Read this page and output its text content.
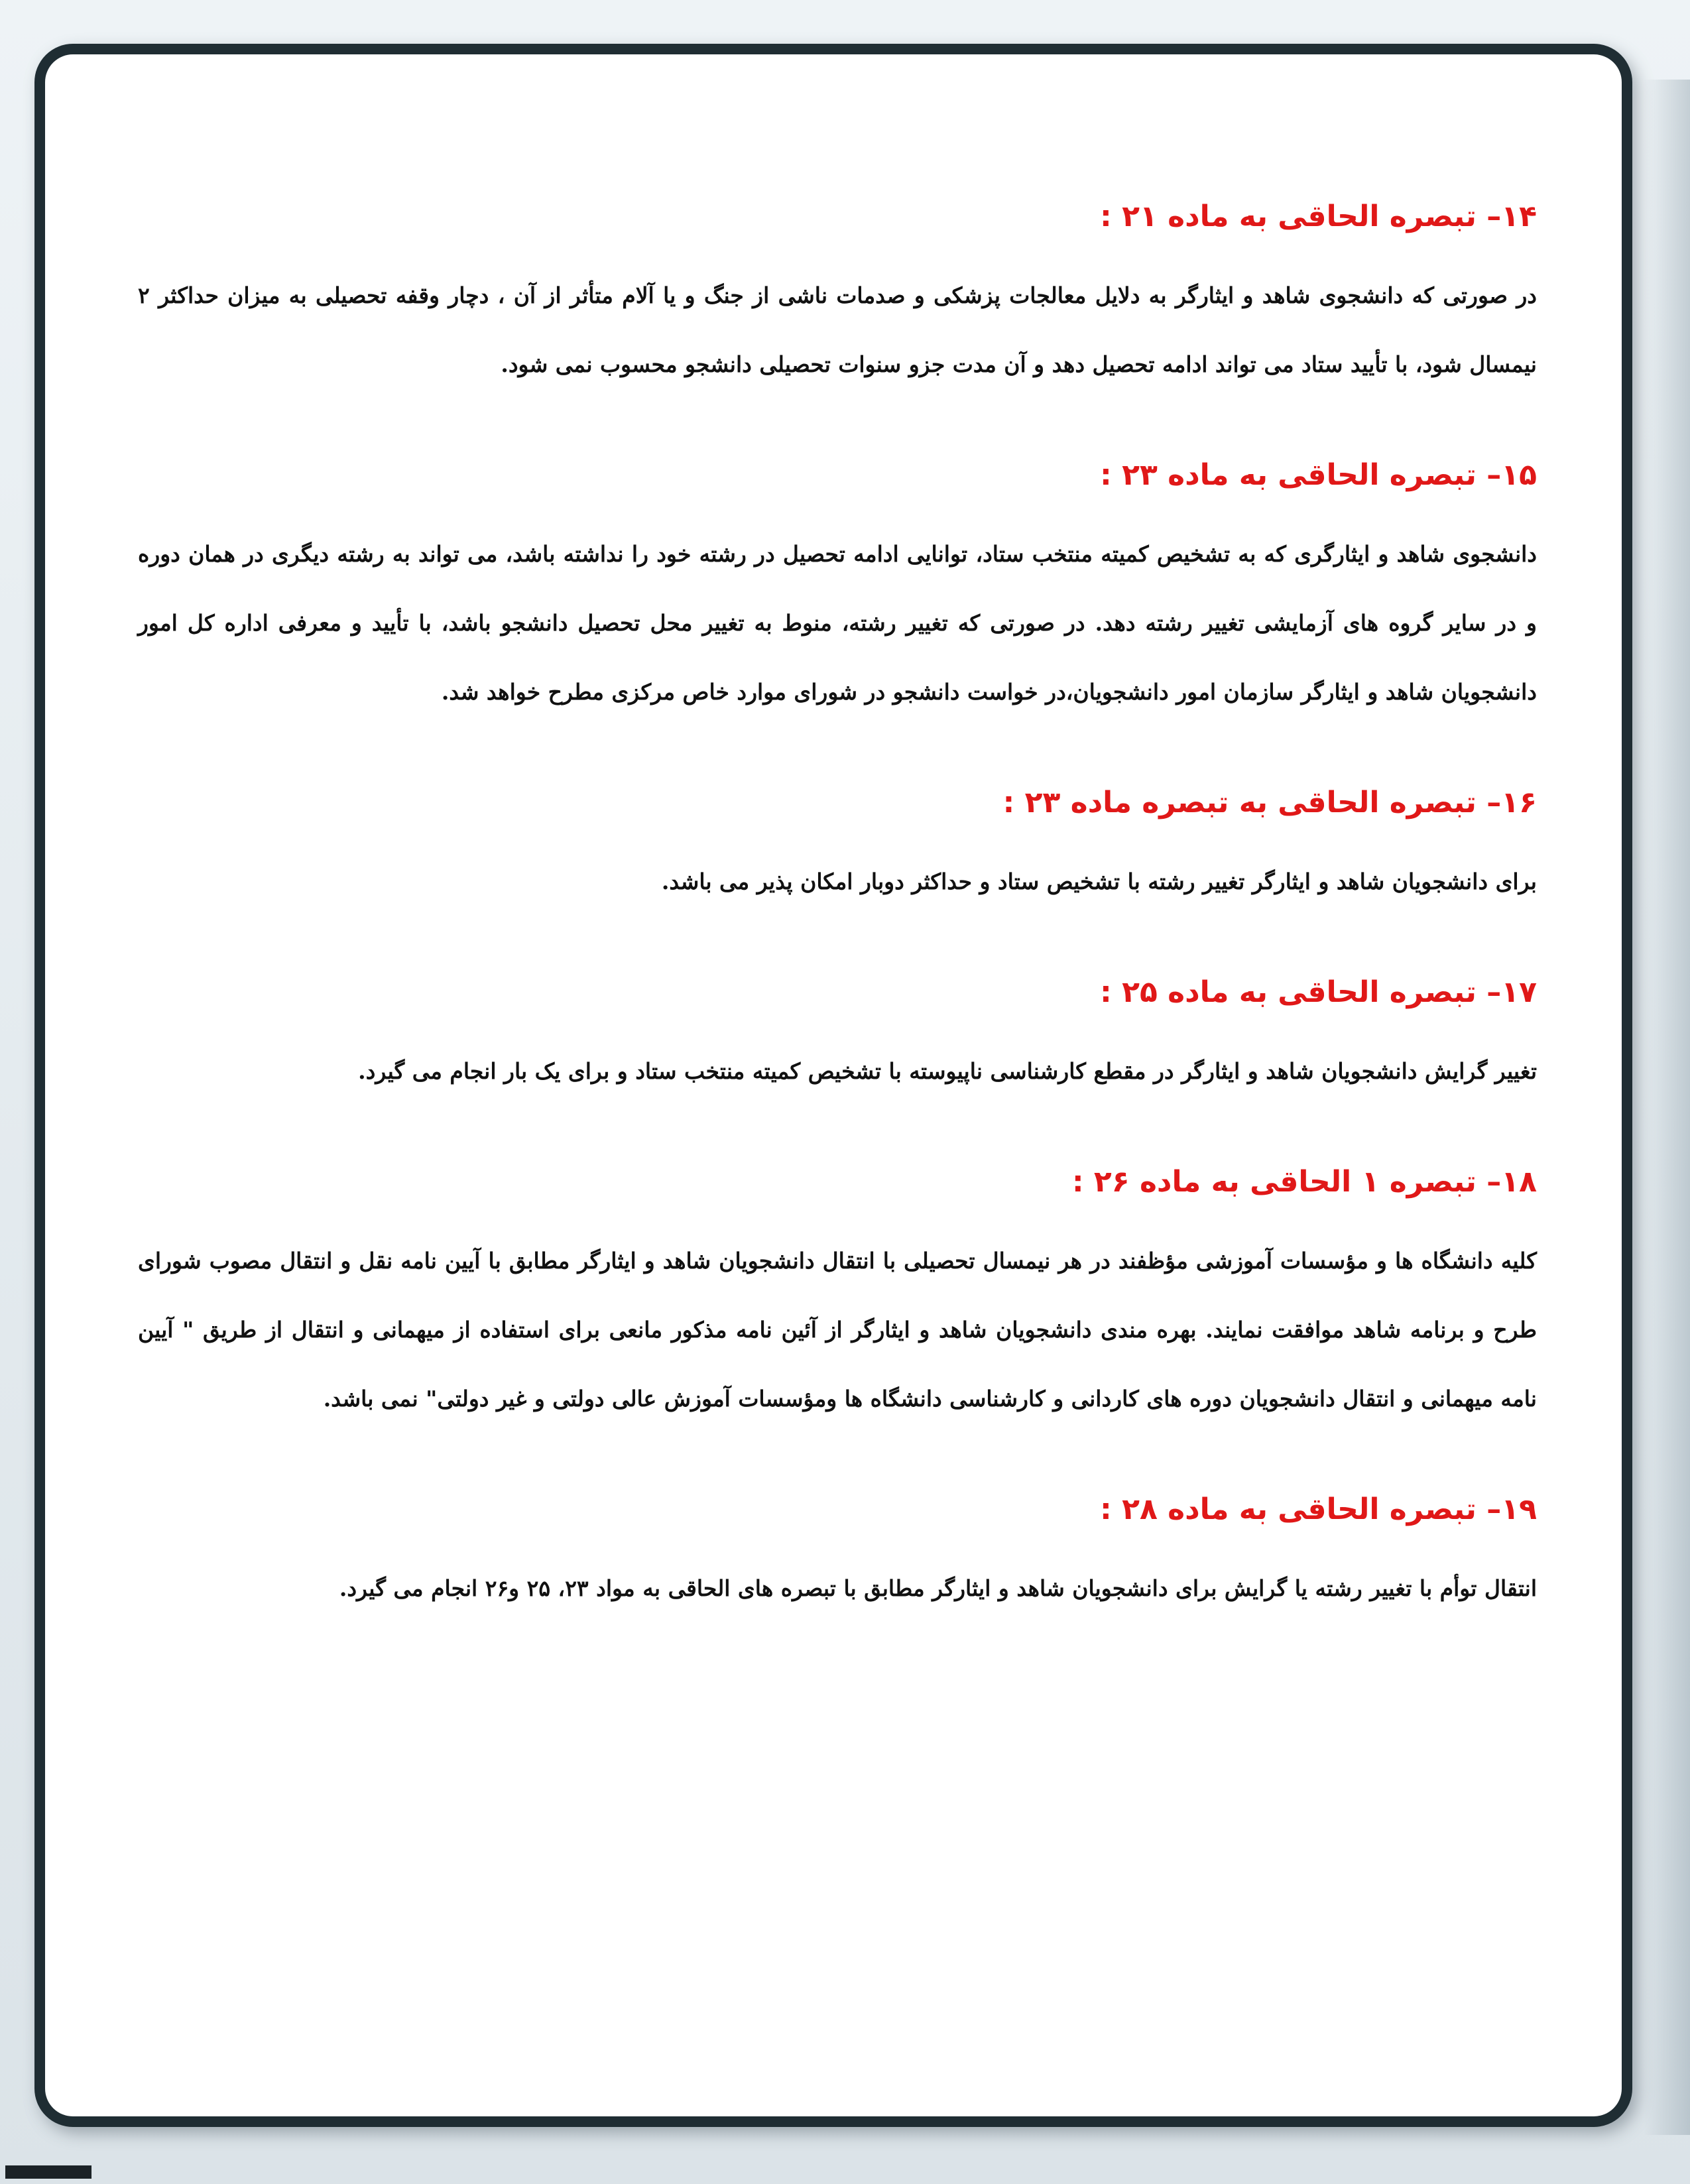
۱۴– تبصره الحاقی به ماده ۲۱ :

در صورتی که دانشجوی شاهد و ایثارگر به دلایل معالجات پزشکی و صدمات ناشی از جنگ و یا آلام متأثر از آن ، دچار وقفه تحصیلی به میزان حداکثر ۲ نیمسال شود، با تأیید ستاد می تواند ادامه تحصیل دهد و آن مدت جزو سنوات تحصیلی دانشجو محسوب نمی شود.

۱۵– تبصره الحاقی به ماده ۲۳ :

دانشجوی شاهد و ایثارگری که به تشخیص کمیته منتخب ستاد، توانایی ادامه تحصیل در رشته خود را نداشته باشد، می تواند به رشته دیگری در همان دوره و در سایر گروه های آزمایشی تغییر رشته دهد. در صورتی که تغییر رشته، منوط به تغییر محل تحصیل دانشجو باشد، با تأیید و معرفی اداره کل امور دانشجویان شاهد و ایثارگر سازمان امور دانشجویان،در خواست دانشجو در شورای موارد خاص مرکزی مطرح خواهد شد.

۱۶– تبصره الحاقی به تبصره ماده ۲۳ :

برای دانشجویان شاهد و ایثارگر تغییر رشته با تشخیص ستاد و حداکثر دوبار امکان پذیر می باشد.

۱۷– تبصره الحاقی به ماده ۲۵ :

تغییر گرایش دانشجویان شاهد و ایثارگر در مقطع کارشناسی ناپیوسته با تشخیص کمیته منتخب ستاد و برای یک بار انجام می گیرد.

۱۸– تبصره ۱ الحاقی به ماده ۲۶ :

کلیه دانشگاه ها و مؤسسات آموزشی مؤظفند در هر نیمسال تحصیلی با انتقال دانشجویان شاهد و ایثارگر مطابق با آیین نامه نقل و انتقال مصوب شورای طرح و برنامه شاهد موافقت نمایند. بهره مندی دانشجویان شاهد و ایثارگر از آئین نامه مذکور مانعی برای استفاده از میهمانی و انتقال از طریق " آیین نامه میهمانی و انتقال دانشجویان دوره های کاردانی و کارشناسی دانشگاه ها ومؤسسات آموزش عالی دولتی و غیر دولتی" نمی باشد.

۱۹– تبصره الحاقی به ماده ۲۸ :

انتقال توأم با تغییر رشته یا گرایش برای دانشجویان شاهد و ایثارگر مطابق با تبصره های الحاقی به مواد ۲۳، ۲۵ و۲۶ انجام می گیرد.
